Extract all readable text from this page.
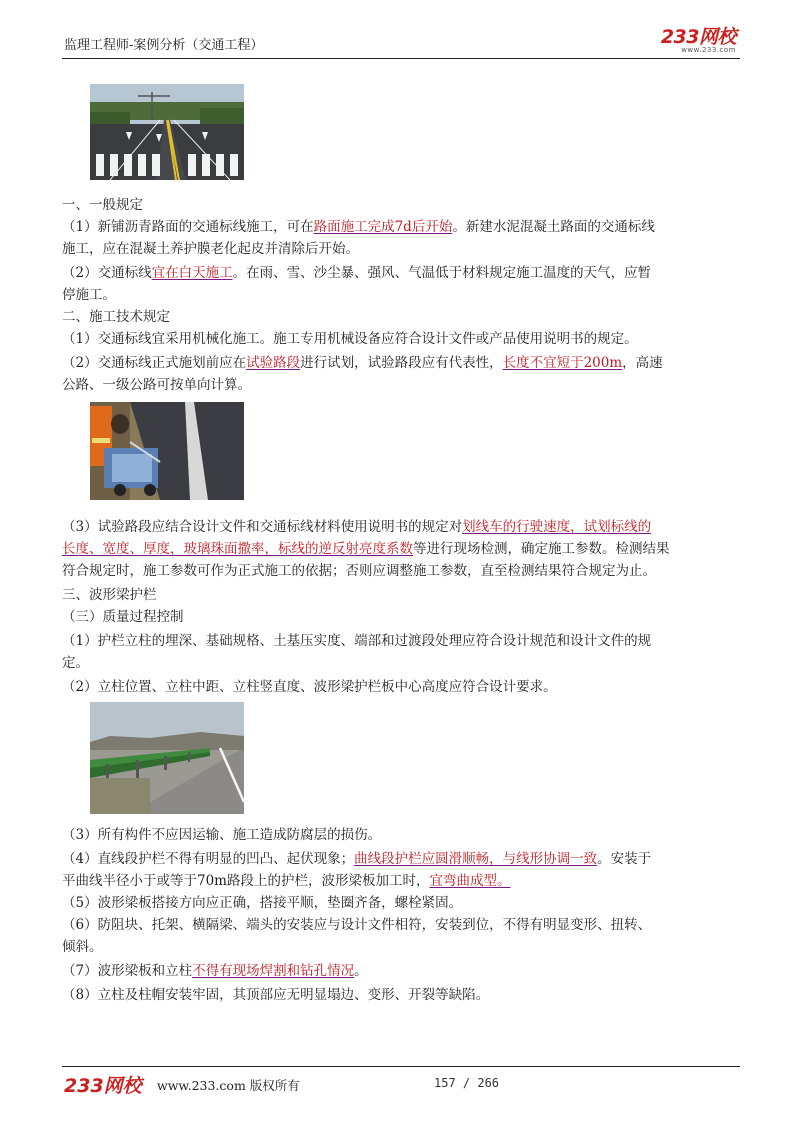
监理工程师-案例分析（交通工程）	233网校
www.233.com
一、一般规定
（1）新铺沥青路面的交通标线施工，可在路面施工完成7d后开始。新建水泥混凝土路面的交通标线
施工，应在混凝土养护膜老化起皮并清除后开始。
（2）交通标线宜在白天施工。在雨、雪、沙尘暴、强风、气温低于材料规定施工温度的天气，应暂
停施工。
二、施工技术规定
（1）交通标线宜采用机械化施工。施工专用机械设备应符合设计文件或产品使用说明书的规定。
（2）交通标线正式施划前应在试验路段进行试划，试验路段应有代表性，长度不宜短于200m，高速
公路、一级公路可按单向计算。
（3）试验路段应结合设计文件和交通标线材料使用说明书的规定对划线车的行驶速度，试划标线的
长度、宽度、厚度，玻璃珠面撒率，标线的逆反射亮度系数等进行现场检测，确定施工参数。检测结果
符合规定时，施工参数可作为正式施工的依据；否则应调整施工参数，直至检测结果符合规定为止。
三、波形梁护栏
（三）质量过程控制
（1）护栏立柱的埋深、基础规格、土基压实度、端部和过渡段处理应符合设计规范和设计文件的规
定。
（2）立柱位置、立柱中距、立柱竖直度、波形梁护栏板中心高度应符合设计要求。
（3）所有构件不应因运输、施工造成防腐层的损伤。
（4）直线段护栏不得有明显的凹凸、起伏现象；曲线段护栏应圆滑顺畅，与线形协调一致。安装于
平曲线半径小于或等于70m路段上的护栏，波形梁板加工时，宜弯曲成型。
（5）波形梁板搭接方向应正确，搭接平顺，垫圈齐备，螺栓紧固。
（6）防阻块、托架、横隔梁、端头的安装应与设计文件相符，安装到位，不得有明显变形、扭转、
倾斜。
（7）波形梁板和立柱不得有现场焊割和钻孔情况。
（8）立柱及柱帽安装牢固，其顶部应无明显塌边、变形、开裂等缺陷。
233网校 www.233.com 版权所有	157 / 266
